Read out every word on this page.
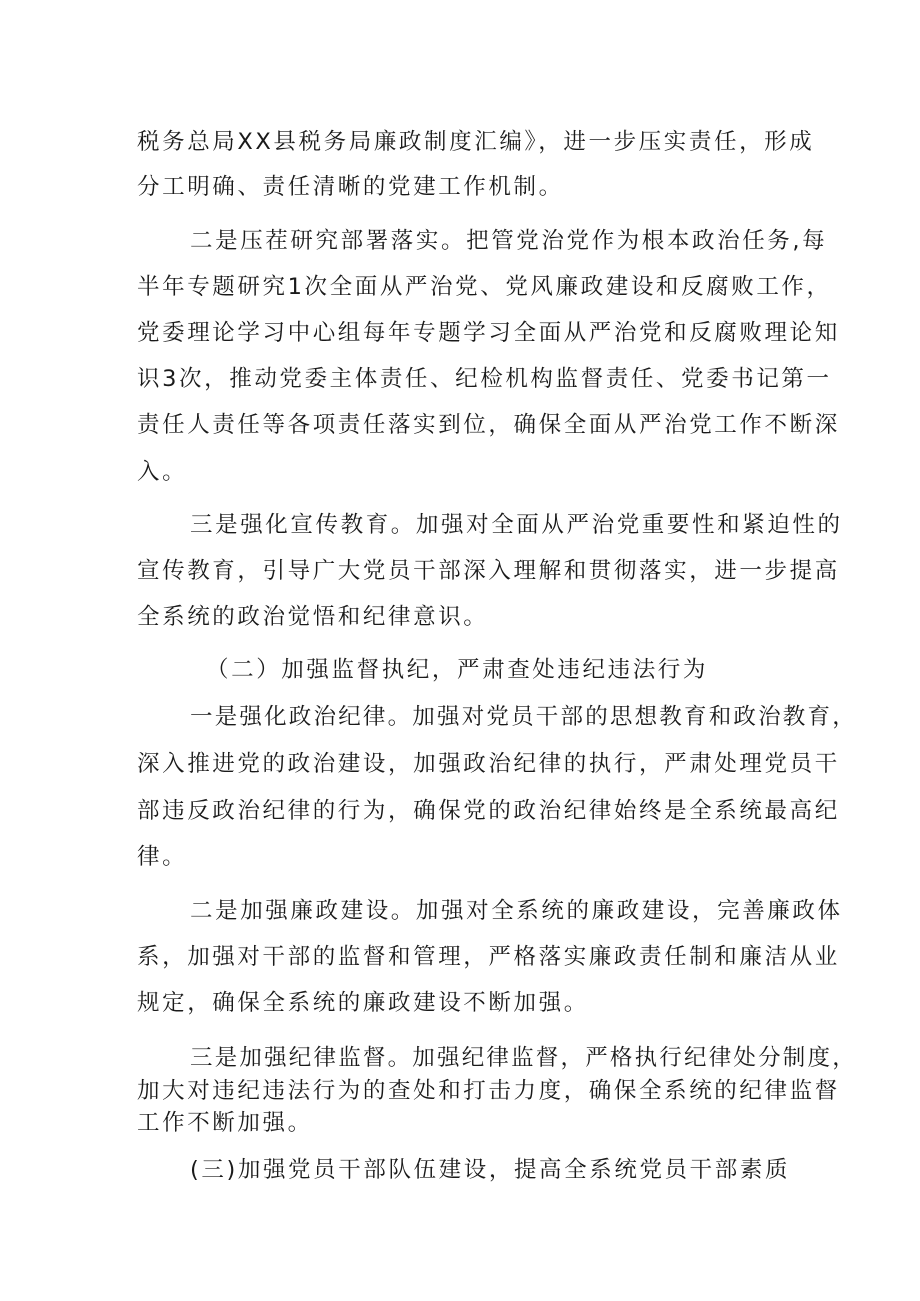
税务总局XX县税务局廉政制度汇编》，进一步压实责任，形成
分工明确、责任清晰的党建工作机制。
二是压茬研究部署落实。把管党治党作为根本政治任务,每
半年专题研究1次全面从严治党、党风廉政建设和反腐败工作，
党委理论学习中心组每年专题学习全面从严治党和反腐败理论知
识3次，推动党委主体责任、纪检机构监督责任、党委书记第一
责任人责任等各项责任落实到位，确保全面从严治党工作不断深
入。
三是强化宣传教育。加强对全面从严治党重要性和紧迫性的
宣传教育，引导广大党员干部深入理解和贯彻落实，进一步提高
全系统的政治觉悟和纪律意识。
（二）加强监督执纪，严肃查处违纪违法行为
一是强化政治纪律。加强对党员干部的思想教育和政治教育，
深入推进党的政治建设，加强政治纪律的执行，严肃处理党员干
部违反政治纪律的行为，确保党的政治纪律始终是全系统最高纪
律。
二是加强廉政建设。加强对全系统的廉政建设，完善廉政体
系，加强对干部的监督和管理，严格落实廉政责任制和廉洁从业
规定，确保全系统的廉政建设不断加强。
三是加强纪律监督。加强纪律监督，严格执行纪律处分制度，
加大对违纪违法行为的查处和打击力度，确保全系统的纪律监督
工作不断加强。
(三)加强党员干部队伍建设，提高全系统党员干部素质
